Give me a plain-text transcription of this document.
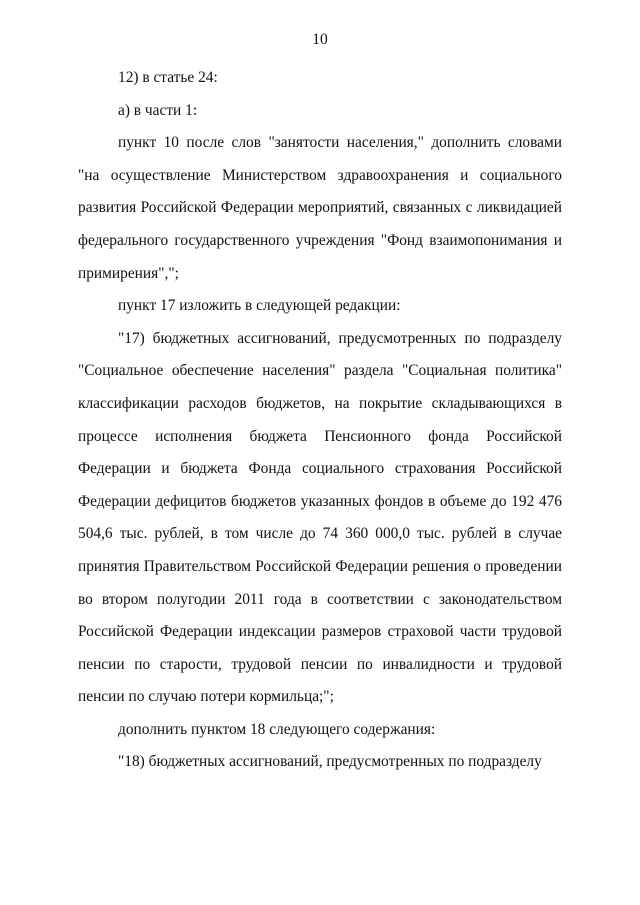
10

12) в статье 24:

а) в части 1:

пункт 10 после слов "занятости населения," дополнить словами "на осуществление Министерством здравоохранения и социального развития Российской Федерации мероприятий, связанных с ликвидацией федерального государственного учреждения "Фонд взаимопонимания и примирения",";

пункт 17 изложить в следующей редакции:

"17) бюджетных ассигнований, предусмотренных по подразделу "Социальное обеспечение населения" раздела "Социальная политика" классификации расходов бюджетов, на покрытие складывающихся в процессе исполнения бюджета Пенсионного фонда Российской Федерации и бюджета Фонда социального страхования Российской Федерации дефицитов бюджетов указанных фондов в объеме до 192 476 504,6 тыс. рублей, в том числе до 74 360 000,0 тыс. рублей в случае принятия Правительством Российской Федерации решения о проведении во втором полугодии 2011 года в соответствии с законодательством Российской Федерации индексации размеров страховой части трудовой пенсии по старости, трудовой пенсии по инвалидности и трудовой пенсии по случаю потери кормильца;";

дополнить пунктом 18 следующего содержания:

"18) бюджетных ассигнований, предусмотренных по подразделу
